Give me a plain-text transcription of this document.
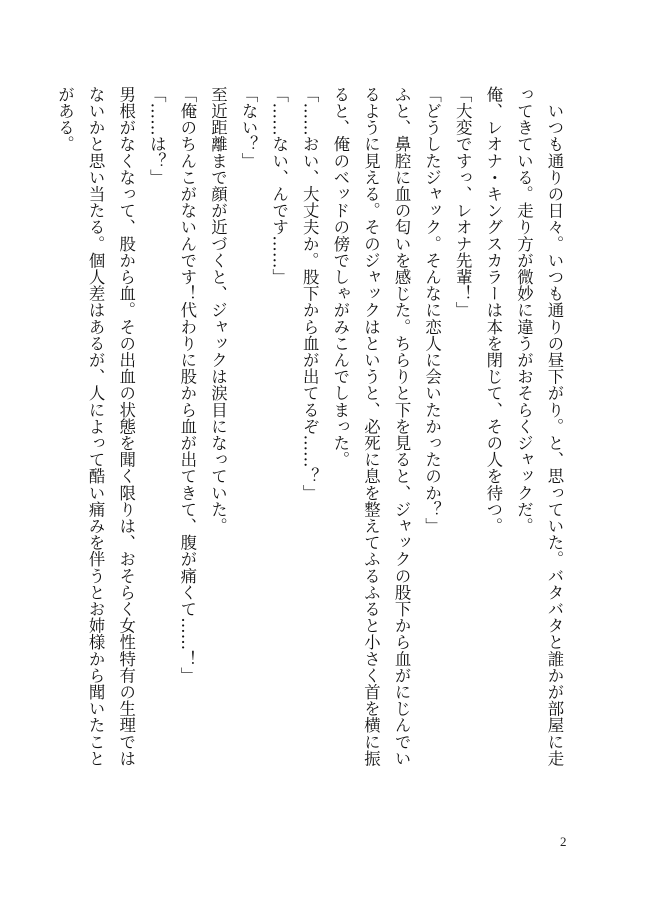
　いつも通りの日々。いつも通りの昼下がり。と、思っていた。バタバタと誰かが部屋に走

ってきている。走り方が微妙に違うがおそらくジャックだ。

俺、レオナ・キングスカラーは本を閉じて、その人を待つ。

「大変ですっ、レオナ先輩！」

「どうしたジャック。そんなに恋人に会いたかったのか？」

ふと、鼻腔に血の匂いを感じた。ちらりと下を見ると、ジャックの股下から血がにじんでい

るように見える。そのジャックはというと、必死に息を整えてふるふると小さく首を横に振

ると、俺のベッドの傍でしゃがみこんでしまった。

「……おい、大丈夫か。股下から血が出てるぞ……？」

「……ない、んです……」

「ない？」

至近距離まで顔が近づくと、ジャックは涙目になっていた。

「俺のちんこがないんです！代わりに股から血が出てきて、腹が痛くて……！」

「……は？」

男根がなくなって、股から血。その出血の状態を聞く限りは、おそらく女性特有の生理では

ないかと思い当たる。個人差はあるが、人によって酷い痛みを伴うとお姉様から聞いたこと

がある。

2
